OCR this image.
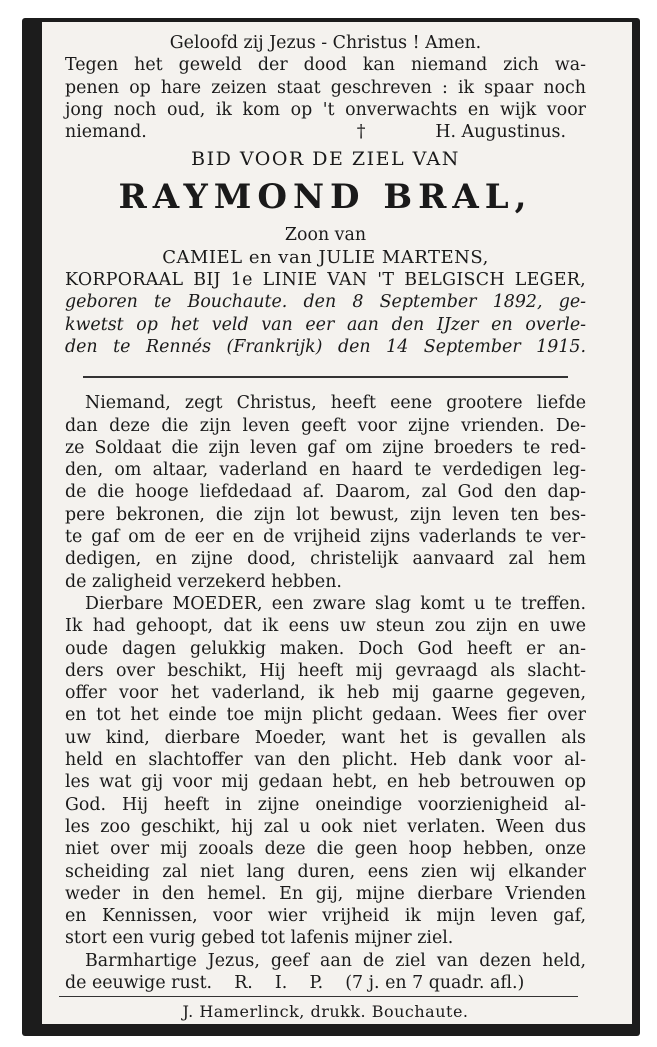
Geloofd zij Jezus - Christus ! Amen.
Tegen het geweld der dood kan niemand zich wa-
penen op hare zeizen staat geschreven : ik spaar noch
jong noch oud, ik kom op 't onverwachts en wijk voor
niemand.	†	H. Augustinus.
BID VOOR DE ZIEL VAN
RAYMOND BRAL,
Zoon van
CAMIEL en van JULIE MARTENS,
KORPORAAL BIJ 1e LINIE VAN 'T BELGISCH LEGER,
geboren te Bouchaute. den 8 September 1892, ge-
kwetst op het veld van eer aan den IJzer en overle-
den te Rennés (Frankrijk) den 14 September 1915.
Niemand, zegt Christus, heeft eene grootere liefde
dan deze die zijn leven geeft voor zijne vrienden. De-
ze Soldaat die zijn leven gaf om zijne broeders te red-
den, om altaar, vaderland en haard te verdedigen leg-
de die hooge liefdedaad af. Daarom, zal God den dap-
pere bekronen, die zijn lot bewust, zijn leven ten bes-
te gaf om de eer en de vrijheid zijns vaderlands te ver-
dedigen, en zijne dood, christelijk aanvaard zal hem
de zaligheid verzekerd hebben.
Dierbare MOEDER, een zware slag komt u te treffen.
Ik had gehoopt, dat ik eens uw steun zou zijn en uwe
oude dagen gelukkig maken. Doch God heeft er an-
ders over beschikt, Hij heeft mij gevraagd als slacht-
offer voor het vaderland, ik heb mij gaarne gegeven,
en tot het einde toe mijn plicht gedaan. Wees fier over
uw kind, dierbare Moeder, want het is gevallen als
held en slachtoffer van den plicht. Heb dank voor al-
les wat gij voor mij gedaan hebt, en heb betrouwen op
God. Hij heeft in zijne oneindige voorzienigheid al-
les zoo geschikt, hij zal u ook niet verlaten. Ween dus
niet over mij zooals deze die geen hoop hebben, onze
scheiding zal niet lang duren, eens zien wij elkander
weder in den hemel. En gij, mijne dierbare Vrienden
en Kennissen, voor wier vrijheid ik mijn leven gaf,
stort een vurig gebed tot lafenis mijner ziel.
Barmhartige Jezus, geef aan de ziel van dezen held,
de eeuwige rust.    R.    I.    P.    (7 j. en 7 quadr. afl.)
J. Hamerlinck, drukk. Bouchaute.
